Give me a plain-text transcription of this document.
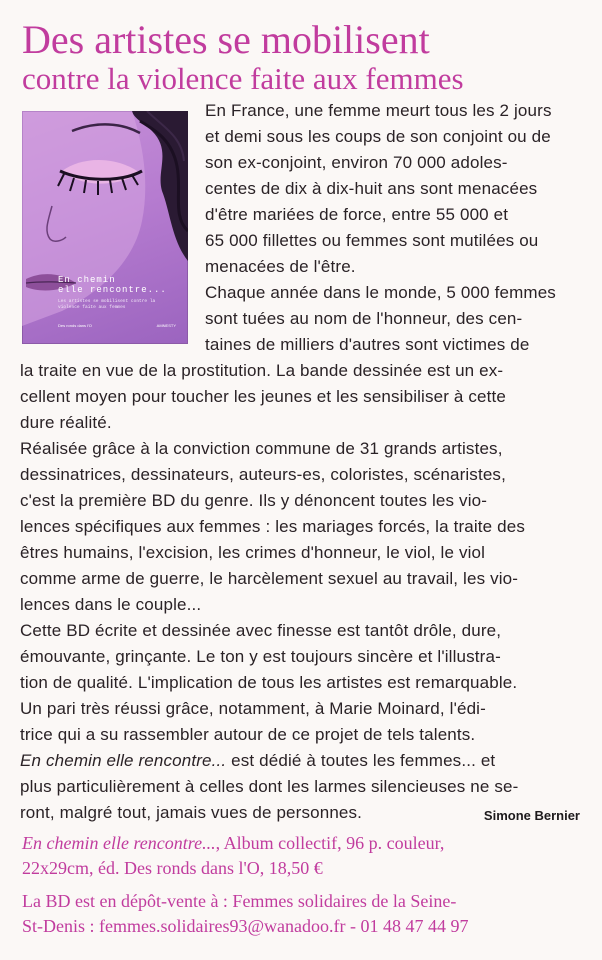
Des artistes se mobilisent
contre la violence faite aux femmes
En chemin
elle rencontre...
Les artistes se mobilisent contre la violence faite aux femmes
Des ronds dans l'O	AMNESTY
En France, une femme meurt tous les 2 jours
et demi sous les coups de son conjoint ou de
son ex-conjoint, environ 70 000 adoles-
centes de dix à dix-huit ans sont menacées
d'être mariées de force, entre 55 000 et
65 000 fillettes ou femmes sont mutilées ou
menacées de l'être.
Chaque année dans le monde, 5 000 femmes
sont tuées au nom de l'honneur, des cen-
taines de milliers d'autres sont victimes de
la traite en vue de la prostitution. La bande dessinée est un ex-
cellent moyen pour toucher les jeunes et les sensibiliser à cette
dure réalité.
Réalisée grâce à la conviction commune de 31 grands artistes,
dessinatrices, dessinateurs, auteurs-es, coloristes, scénaristes,
c'est la première BD du genre. Ils y dénoncent toutes les vio-
lences spécifiques aux femmes : les mariages forcés, la traite des
êtres humains, l'excision, les crimes d'honneur, le viol, le viol
comme arme de guerre, le harcèlement sexuel au travail, les vio-
lences dans le couple...
Cette BD écrite et dessinée avec finesse est tantôt drôle, dure,
émouvante, grinçante. Le ton y est toujours sincère et l'illustra-
tion de qualité. L'implication de tous les artistes est remarquable.
Un pari très réussi grâce, notamment, à Marie Moinard, l'édi-
trice qui a su rassembler autour de ce projet de tels talents.
En chemin elle rencontre... est dédié à toutes les femmes... et
plus particulièrement à celles dont les larmes silencieuses ne se-
ront, malgré tout, jamais vues de personnes.	Simone Bernier
En chemin elle rencontre..., Album collectif, 96 p. couleur,
22x29cm, éd. Des ronds dans l'O, 18,50 €
La BD est en dépôt-vente à : Femmes solidaires de la Seine-
St-Denis : femmes.solidaires93@wanadoo.fr - 01 48 47 44 97
